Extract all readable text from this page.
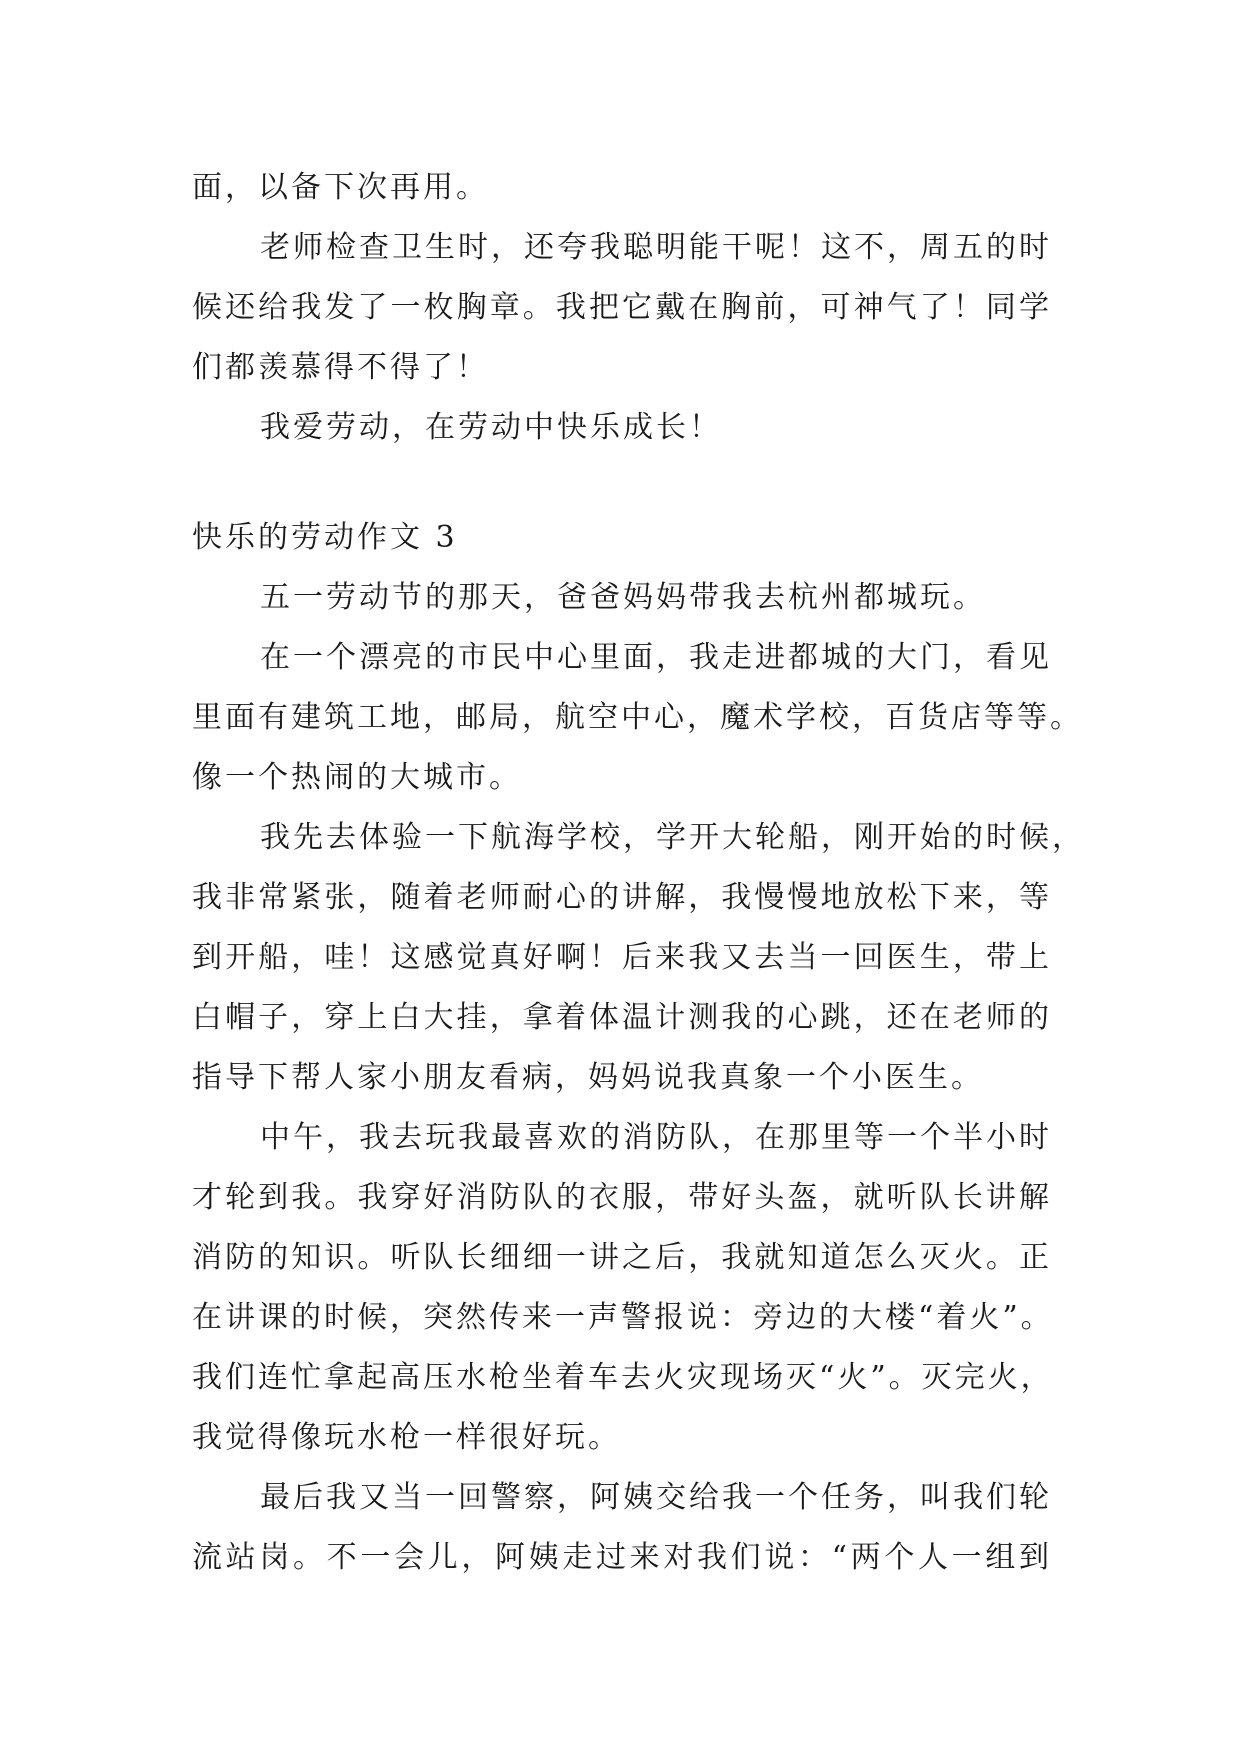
面，以备下次再用。
老师检查卫生时，还夸我聪明能干呢！这不，周五的时
候还给我发了一枚胸章。我把它戴在胸前，可神气了！同学
们都羡慕得不得了！
我爱劳动，在劳动中快乐成长！
快乐的劳动作文 3
五一劳动节的那天，爸爸妈妈带我去杭州都城玩。
在一个漂亮的市民中心里面，我走进都城的大门，看见
里面有建筑工地，邮局，航空中心，魔术学校，百货店等等。
像一个热闹的大城市。
我先去体验一下航海学校，学开大轮船，刚开始的时候，
我非常紧张，随着老师耐心的讲解，我慢慢地放松下来，等
到开船，哇！这感觉真好啊！后来我又去当一回医生，带上
白帽子，穿上白大挂，拿着体温计测我的心跳，还在老师的
指导下帮人家小朋友看病，妈妈说我真象一个小医生。
中午，我去玩我最喜欢的消防队，在那里等一个半小时
才轮到我。我穿好消防队的衣服，带好头盔，就听队长讲解
消防的知识。听队长细细一讲之后，我就知道怎么灭火。正
在讲课的时候，突然传来一声警报说：旁边的大楼“着火”。
我们连忙拿起高压水枪坐着车去火灾现场灭“火”。灭完火，
我觉得像玩水枪一样很好玩。
最后我又当一回警察，阿姨交给我一个任务，叫我们轮
流站岗。不一会儿，阿姨走过来对我们说：“两个人一组到
